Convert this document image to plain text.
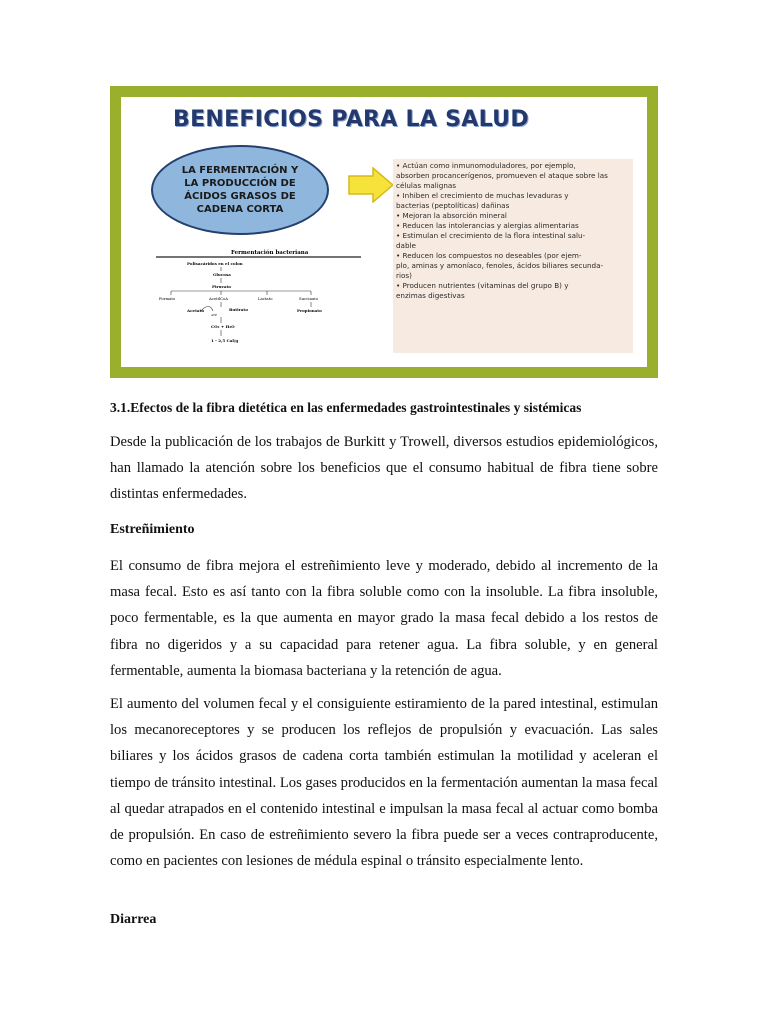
BENEFICIOS PARA LA SALUD
LA FERMENTACIÓN Y
LA PRODUCCIÓN DE
ÁCIDOS GRASOS DE
CADENA CORTA
• Actúan como inmunomoduladores, por ejemplo,
absorben procancerígenos, promueven el ataque sobre las
células malignas
• Inhiben el crecimiento de muchas levaduras y
bacterias (peptolíticas) dañinas
• Mejoran la absorción mineral
• Reducen las intolerancias y alergias alimentarias
• Estimulan el crecimiento de la flora intestinal salu-
dable
• Reducen los compuestos no deseables (por ejem-
plo, aminas y amoníaco, fenoles, ácidos biliares secunda-
rios)
• Producen nutrientes (vitaminas del grupo B) y
enzimas digestivas
Fermentación bacteriana
Polisacáridos en el colon
Glucosa
Piruvato
Formato	AcetilCoA	Lactato	Succinato
Acetato	Butirato
ATP
Propionato
CO₂ + H₂O
1 - 2,5 Cal/g
3.1.Efectos de la fibra dietética en las enfermedades gastrointestinales y sistémicas

Desde la publicación de los trabajos de Burkitt y Trowell, diversos estudios epidemiológicos, han llamado la atención sobre los beneficios que el consumo habitual de fibra tiene sobre distintas enfermedades.

Estreñimiento

El consumo de fibra mejora el estreñimiento leve y moderado, debido al incremento de la masa fecal. Esto es así tanto con la fibra soluble como con la insoluble. La fibra insoluble, poco fermentable, es la que aumenta en mayor grado la masa fecal debido a los restos de fibra no digeridos y a su capacidad para retener agua. La fibra soluble, y en general fermentable, aumenta la biomasa bacteriana y la retención de agua.

El aumento del volumen fecal y el consiguiente estiramiento de la pared intestinal, estimulan los mecanoreceptores y se producen los reflejos de propulsión y evacuación. Las sales biliares y los ácidos grasos de cadena corta también estimulan la motilidad y aceleran el tiempo de tránsito intestinal. Los gases producidos en la fermentación aumentan la masa fecal al quedar atrapados en el contenido intestinal e impulsan la masa fecal al actuar como bomba de propulsión. En caso de estreñimiento severo la fibra puede ser a veces contraproducente, como en pacientes con lesiones de médula espinal o tránsito especialmente lento.

Diarrea
